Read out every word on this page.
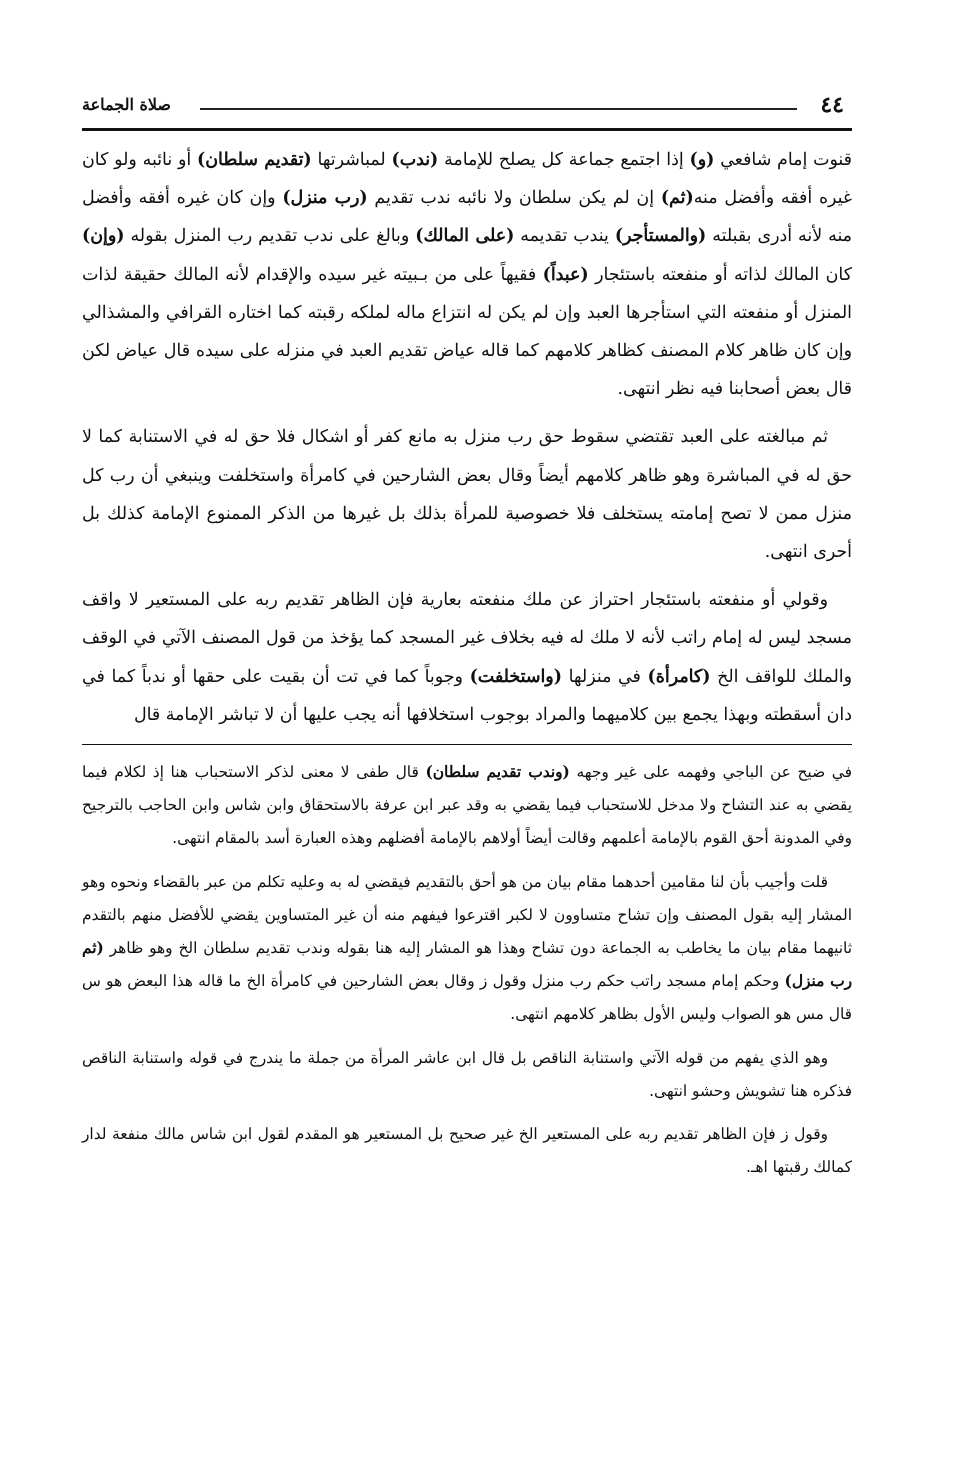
٤٤
صلاة الجماعة

قنوت إمام شافعي (و) إذا اجتمع جماعة كل يصلح للإمامة (ندب) لمباشرتها (تقديم سلطان) أو نائبه ولو كان غيره أفقه وأفضل منه(ثم) إن لم يكن سلطان ولا نائبه ندب تقديم (رب منزل) وإن كان غيره أفقه وأفضل منه لأنه أدرى بقبلته (والمستأجر) يندب تقديمه (على المالك) وبالغ على ندب تقديم رب المنزل بقوله (وإن) كان المالك لذاته أو منفعته باستئجار (عبداً) فقيهاً على من بـبيته غير سيده والإقدام لأنه المالك حقيقة لذات المنزل أو منفعته التي استأجرها العبد وإن لم يكن له انتزاع ماله لملكه رقبته كما اختاره القرافي والمشذالي وإن كان ظاهر كلام المصنف كظاهر كلامهم كما قاله عياض تقديم العبد في منزله على سيده قال عياض لكن قال بعض أصحابنا فيه نظر انتهى.

ثم مبالغته على العبد تقتضي سقوط حق رب منزل به مانع كفر أو اشكال فلا حق له في الاستنابة كما لا حق له في المباشرة وهو ظاهر كلامهم أيضاً وقال بعض الشارحين في كامرأة واستخلفت وينبغي أن رب كل منزل ممن لا تصح إمامته يستخلف فلا خصوصية للمرأة بذلك بل غيرها من الذكر الممنوع الإمامة كذلك بل أحرى انتهى.

وقولي أو منفعته باستئجار احتراز عن ملك منفعته بعارية فإن الظاهر تقديم ربه على المستعير لا واقف مسجد ليس له إمام راتب لأنه لا ملك له فيه بخلاف غير المسجد كما يؤخذ من قول المصنف الآتي في الوقف والملك للواقف الخ (كامرأة) في منزلها (واستخلفت) وجوباً كما في تت أن بقيت على حقها أو ندباً كما في دان أسقطته وبهذا يجمع بين كلاميهما والمراد بوجوب استخلافها أنه يجب عليها أن لا تباشر الإمامة قال

في ضيح عن الباجي وفهمه على غير وجهه (وندب تقديم سلطان) قال طفى لا معنى لذكر الاستحباب هنا إذ لكلام فيما يقضي به عند التشاح ولا مدخل للاستحباب فيما يقضي به وقد عبر ابن عرفة بالاستحقاق وابن شاس وابن الحاجب بالترجيح وفي المدونة أحق القوم بالإمامة أعلمهم وقالت أيضاً أولاهم بالإمامة أفضلهم وهذه العبارة أسد بالمقام انتهى.

قلت وأجيب بأن لنا مقامين أحدهما مقام بيان من هو أحق بالتقديم فيقضي له به وعليه تكلم من عبر بالقضاء ونحوه وهو المشار إليه بقول المصنف وإن تشاح متساوون لا لكبر اقترعوا فيفهم منه أن غير المتساوين يقضي للأفضل منهم بالتقدم ثانيهما مقام بيان ما يخاطب به الجماعة دون تشاح وهذا هو المشار إليه هنا بقوله وندب تقديم سلطان الخ وهو ظاهر (ثم رب منزل) وحكم إمام مسجد راتب حكم رب منزل وقول ز وقال بعض الشارحين في كامرأة الخ ما قاله هذا البعض هو س قال مس هو الصواب وليس الأول بظاهر كلامهم انتهى.

وهو الذي يفهم من قوله الآتي واستنابة الناقص بل قال ابن عاشر المرأة من جملة ما يندرج في قوله واستنابة الناقص فذكره هنا تشويش وحشو انتهى.

وقول ز فإن الظاهر تقديم ربه على المستعير الخ غير صحيح بل المستعير هو المقدم لقول ابن شاس مالك منفعة لدار كمالك رقبتها اهـ.
